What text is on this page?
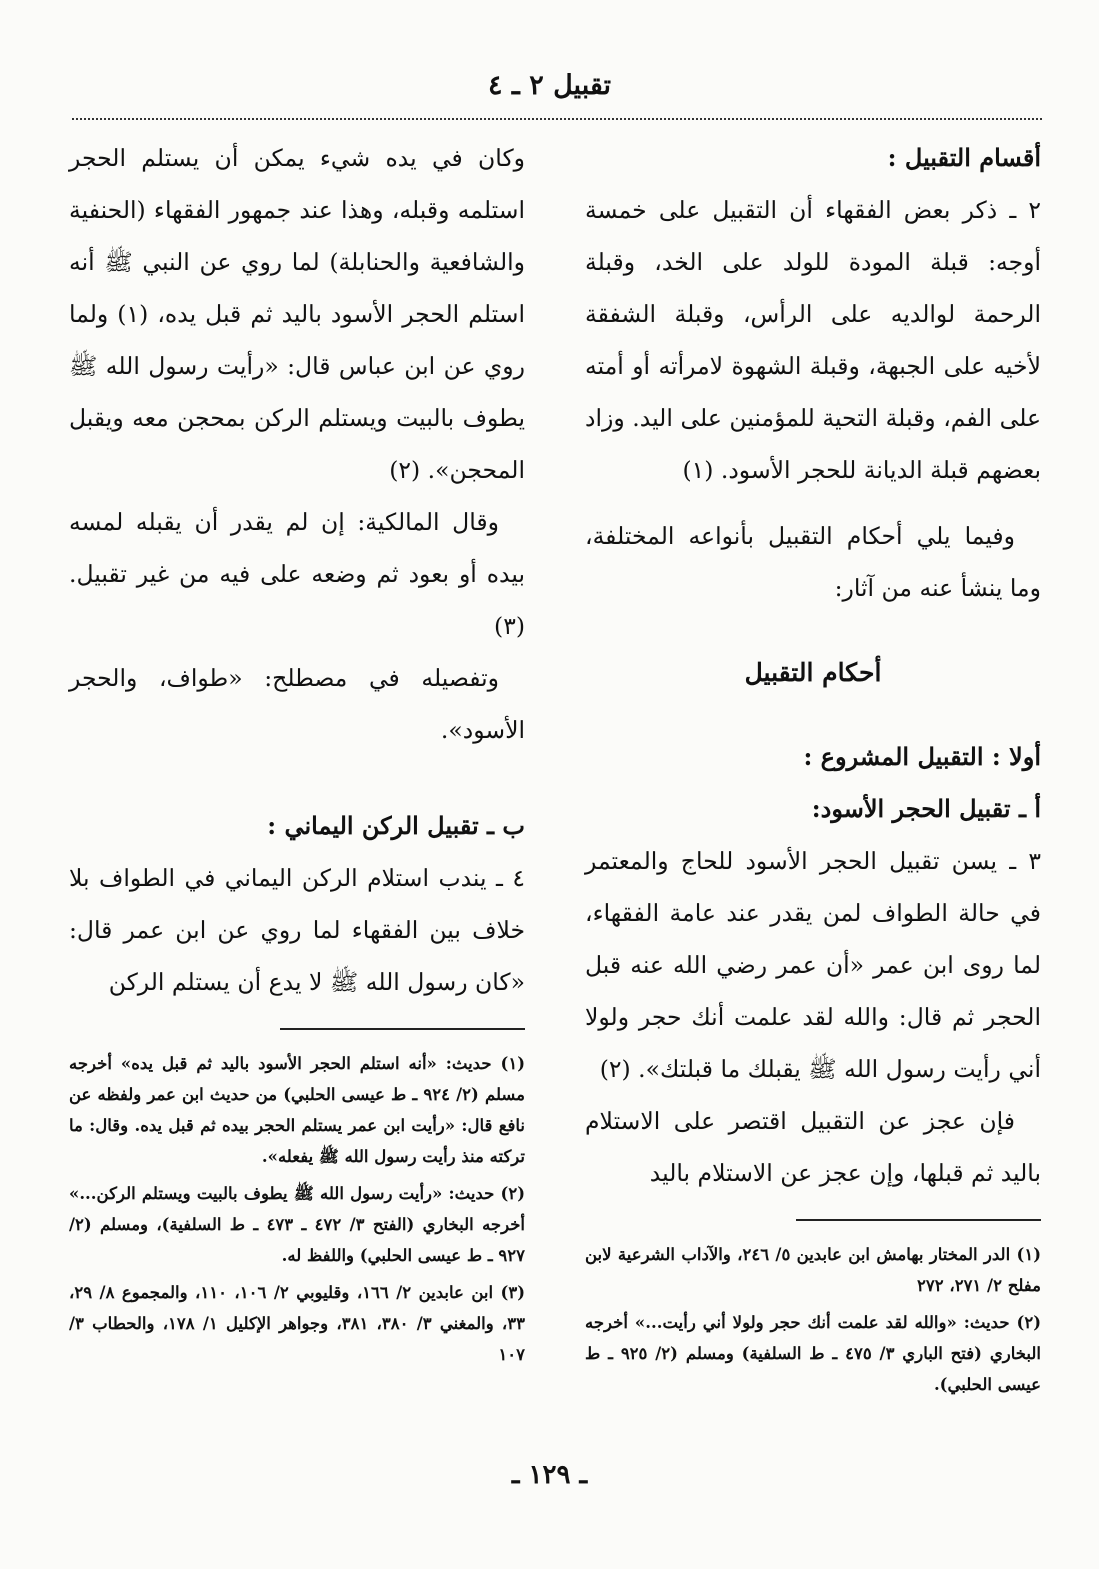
تقبيل ٢ ـ ٤
أقسام التقبيل :

٢ ـ ذكر بعض الفقهاء أن التقبيل على خمسة أوجه: قبلة المودة للولد على الخد، وقبلة الرحمة لوالديه على الرأس، وقبلة الشفقة لأخيه على الجبهة، وقبلة الشهوة لامرأته أو أمته على الفم، وقبلة التحية للمؤمنين على اليد. وزاد بعضهم قبلة الديانة للحجر الأسود. (١)

وفيما يلي أحكام التقبيل بأنواعه المختلفة، وما ينشأ عنه من آثار:

أحكام التقبيل
أولا : التقبيل المشروع :
أ ـ تقبيل الحجر الأسود:

٣ ـ يسن تقبيل الحجر الأسود للحاج والمعتمر في حالة الطواف لمن يقدر عند عامة الفقهاء، لما روى ابن عمر «أن عمر رضي الله عنه قبل الحجر ثم قال: والله لقد علمت أنك حجر ولولا أني رأيت رسول الله ﷺ يقبلك ما قبلتك». (٢)

فإن عجز عن التقبيل اقتصر على الاستلام باليد ثم قبلها، وإن عجز عن الاستلام باليد

(١) الدر المختار بهامش ابن عابدين ٥/ ٢٤٦، والآداب الشرعية لابن مفلح ٢/ ٢٧١، ٢٧٢

(٢) حديث: «والله لقد علمت أنك حجر ولولا أني رأيت...» أخرجه البخاري (فتح الباري ٣/ ٤٧٥ ـ ط السلفية) ومسلم (٢/ ٩٢٥ ـ ط عيسى الحلبي).

وكان في يده شيء يمكن أن يستلم الحجر استلمه وقبله، وهذا عند جمهور الفقهاء (الحنفية والشافعية والحنابلة) لما روي عن النبي ﷺ أنه استلم الحجر الأسود باليد ثم قبل يده، (١) ولما روي عن ابن عباس قال: «رأيت رسول الله ﷺ يطوف بالبيت ويستلم الركن بمحجن معه ويقبل المحجن». (٢)

وقال المالكية: إن لم يقدر أن يقبله لمسه بيده أو بعود ثم وضعه على فيه من غير تقبيل. (٣)

وتفصيله في مصطلح: «طواف، والحجر الأسود».

ب ـ تقبيل الركن اليماني :

٤ ـ يندب استلام الركن اليماني في الطواف بلا خلاف بين الفقهاء لما روي عن ابن عمر قال: «كان رسول الله ﷺ لا يدع أن يستلم الركن

(١) حديث: «أنه استلم الحجر الأسود باليد ثم قبل يده» أخرجه مسلم (٢/ ٩٢٤ ـ ط عيسى الحلبي) من حديث ابن عمر ولفظه عن نافع قال: «رأيت ابن عمر يستلم الحجر بيده ثم قبل يده. وقال: ما تركته منذ رأيت رسول الله ﷺ يفعله».

(٢) حديث: «رأيت رسول الله ﷺ يطوف بالبيت ويستلم الركن...» أخرجه البخاري (الفتح ٣/ ٤٧٢ ـ ٤٧٣ ـ ط السلفية)، ومسلم (٢/ ٩٢٧ ـ ط عيسى الحلبي) واللفظ له.

(٣) ابن عابدين ٢/ ١٦٦، وقليوبي ٢/ ١٠٦، ١١٠، والمجموع ٨/ ٢٩، ٣٣، والمغني ٣/ ٣٨٠، ٣٨١، وجواهر الإكليل ١/ ١٧٨، والحطاب ٣/ ١٠٧

ـ ١٢٩ ـ
